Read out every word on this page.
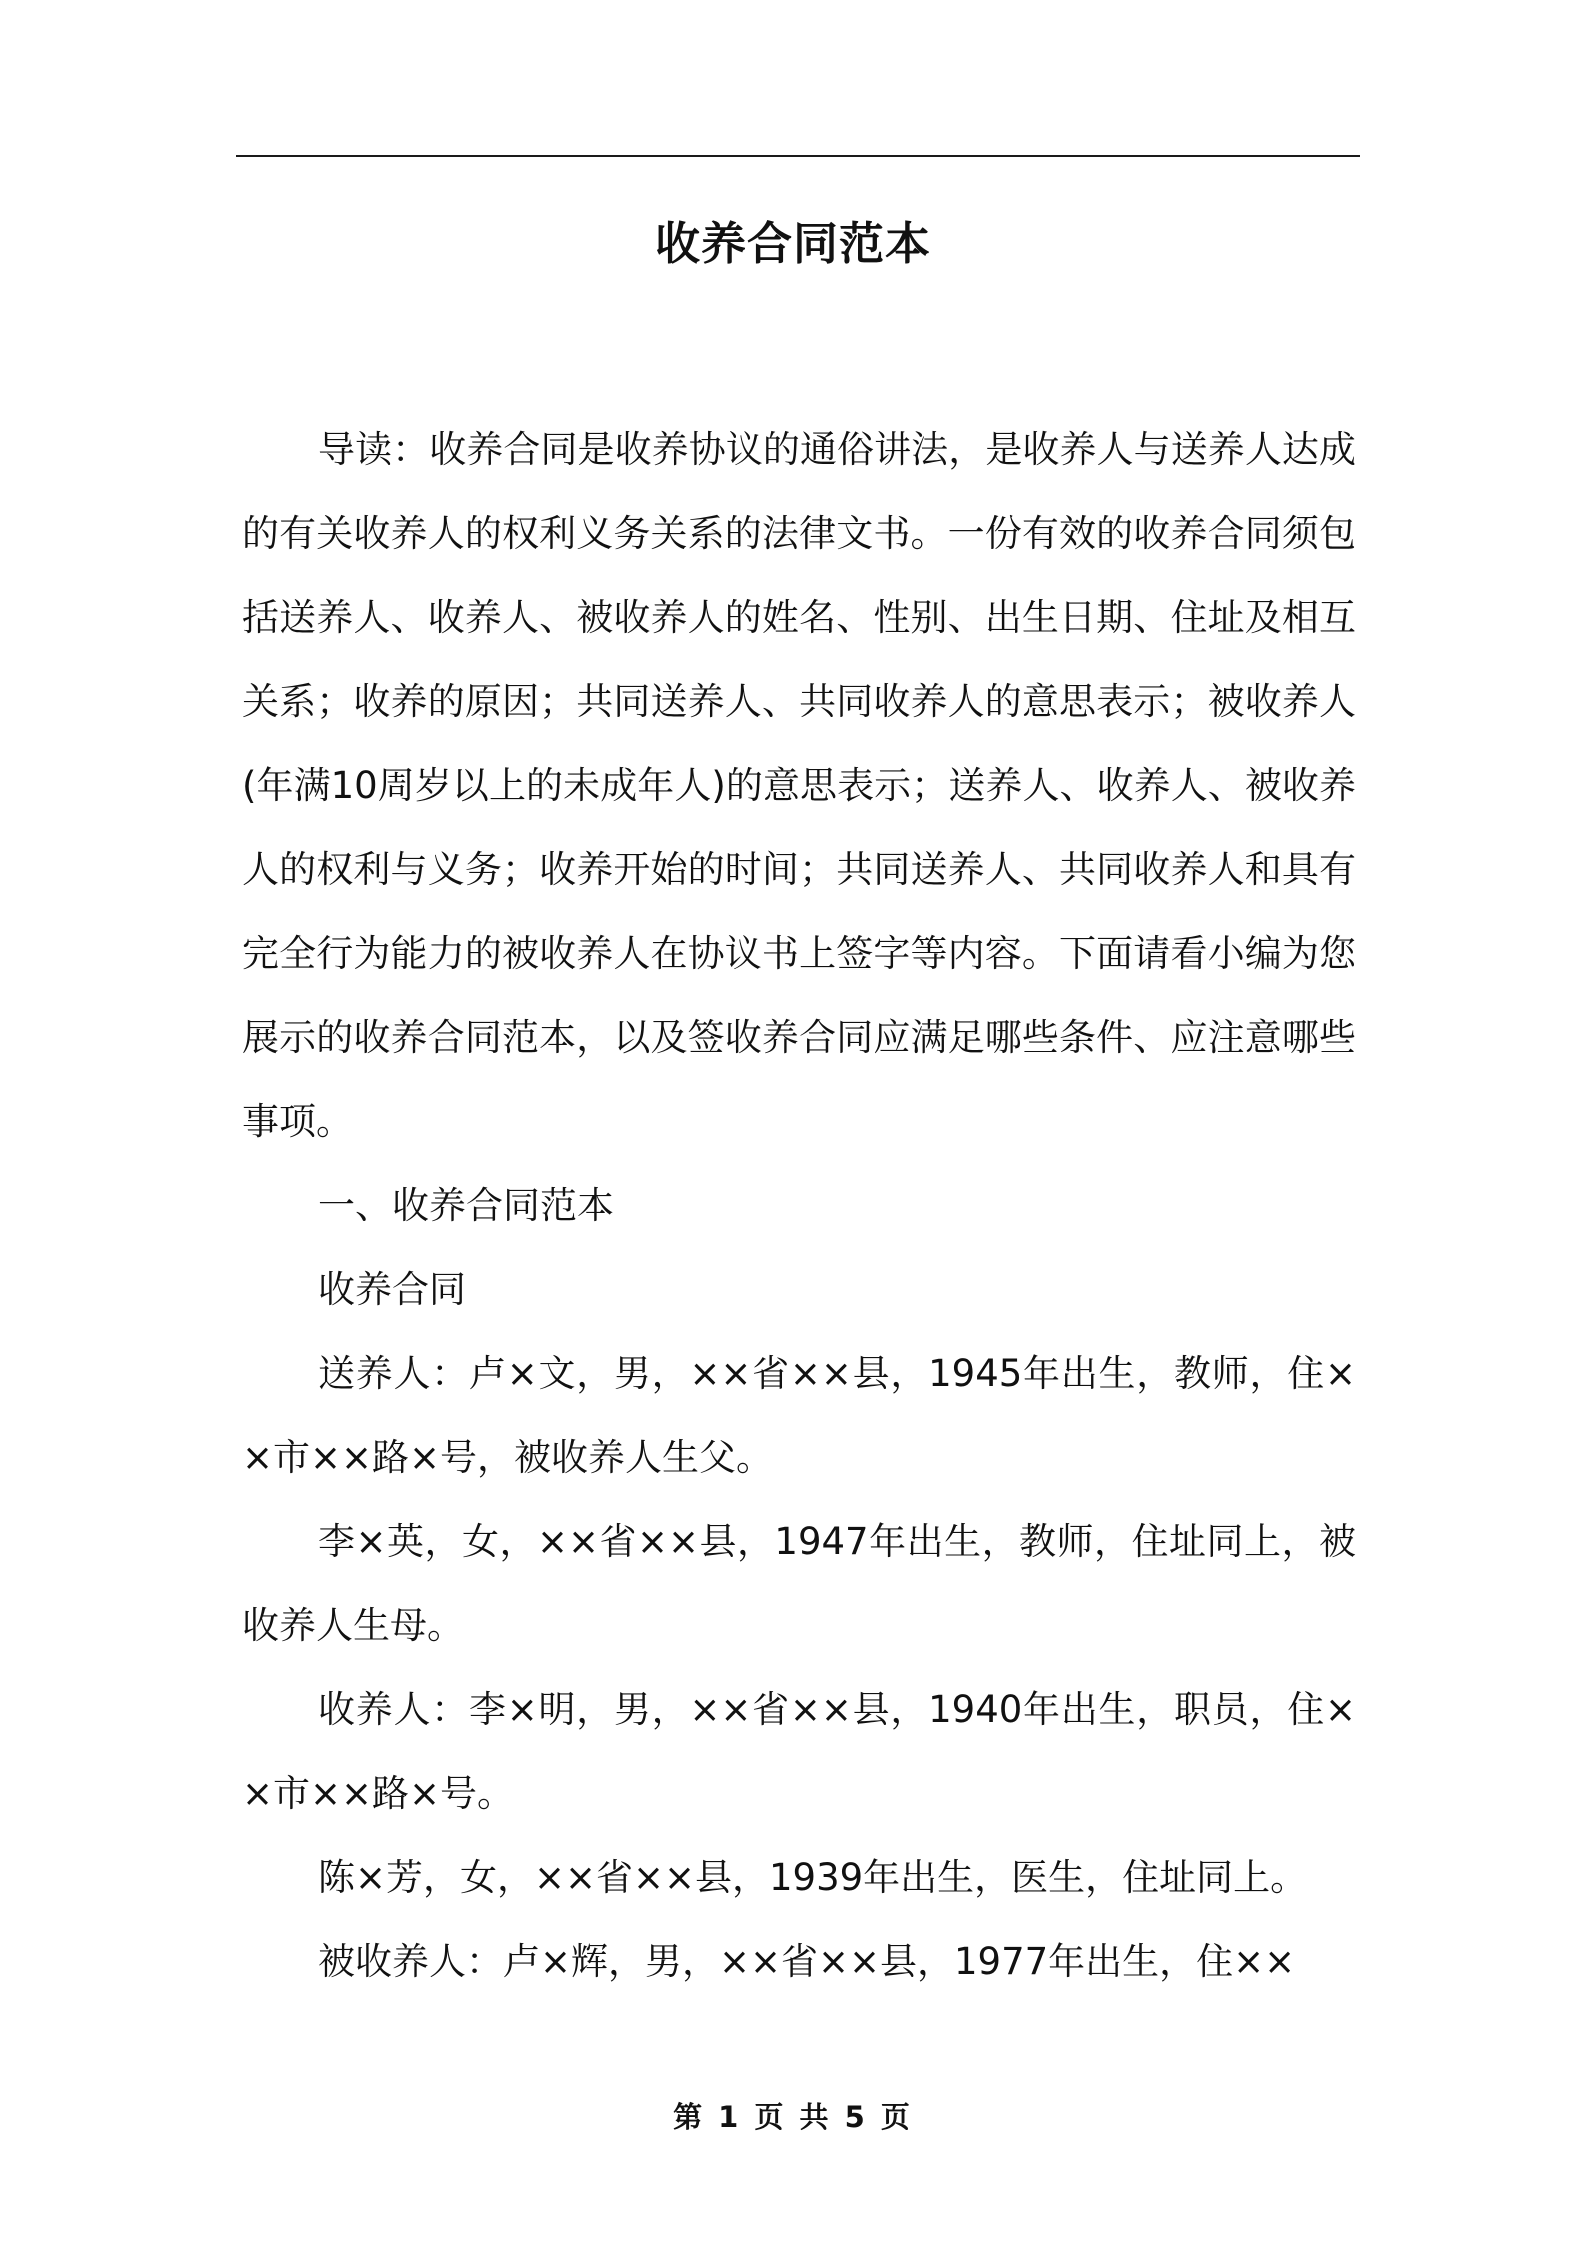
收养合同范本

导读：收养合同是收养协议的通俗讲法，是收养人与送养人达成的有关收养人的权利义务关系的法律文书。一份有效的收养合同须包括送养人、收养人、被收养人的姓名、性别、出生日期、住址及相互关系；收养的原因；共同送养人、共同收养人的意思表示；被收养人(年满10周岁以上的未成年人)的意思表示；送养人、收养人、被收养人的权利与义务；收养开始的时间；共同送养人、共同收养人和具有完全行为能力的被收养人在协议书上签字等内容。下面请看小编为您展示的收养合同范本，以及签收养合同应满足哪些条件、应注意哪些事项。

一、收养合同范本

收养合同

送养人：卢×文，男，××省××县，1945年出生，教师，住××市××路×号，被收养人生父。

李×英，女，××省××县，1947年出生，教师，住址同上，被收养人生母。

收养人：李×明，男，××省××县，1940年出生，职员，住××市××路×号。

陈×芳，女，××省××县，1939年出生，医生，住址同上。

被收养人：卢×辉，男，××省××县，1977年出生，住××

第 1 页 共 5 页
